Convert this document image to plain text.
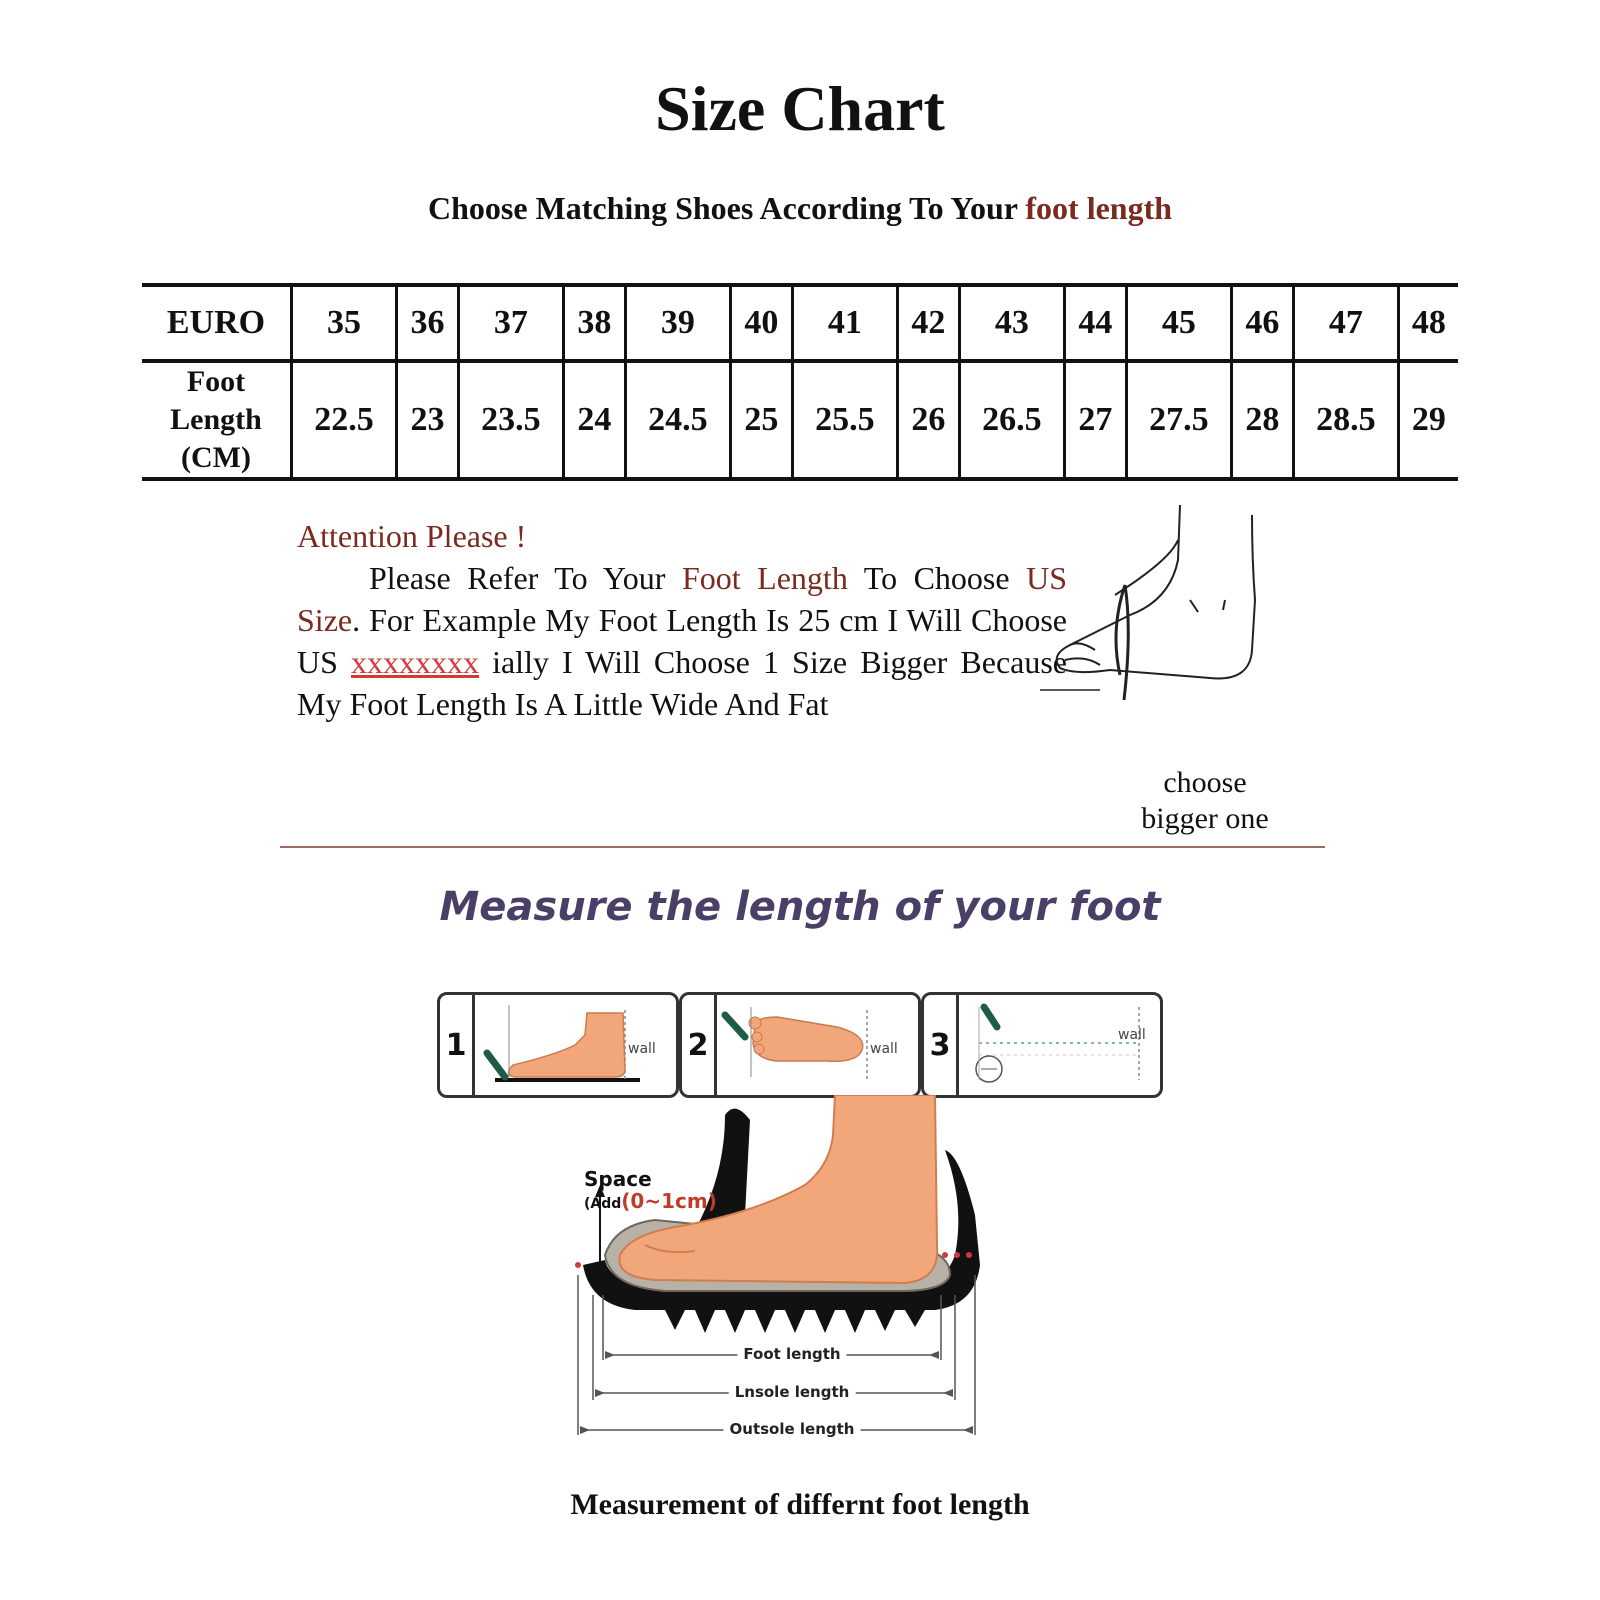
Size Chart
Choose Matching Shoes According To Your foot length
EURO	35	36	37	38	39	40	41	42	43	44	45	46	47	48
Foot
Length
(CM)	22.5	23	23.5	24	24.5	25	25.5	26	26.5	27	27.5	28	28.5	29
Attention Please !
Please Refer To Your Foot Length To Choose US Size. For Example My Foot Length Is 25 cm I Will Choose US xxxxxxxx ially I Will Choose 1 Size Bigger Because My Foot Length Is A Little Wide And Fat
choose
bigger one
Measure the length of your foot
1	wall 2	wall 3	wall
Space
(Add(0~1cm)
Foot length
Lnsole length
Outsole length
Measurement of differnt foot length
